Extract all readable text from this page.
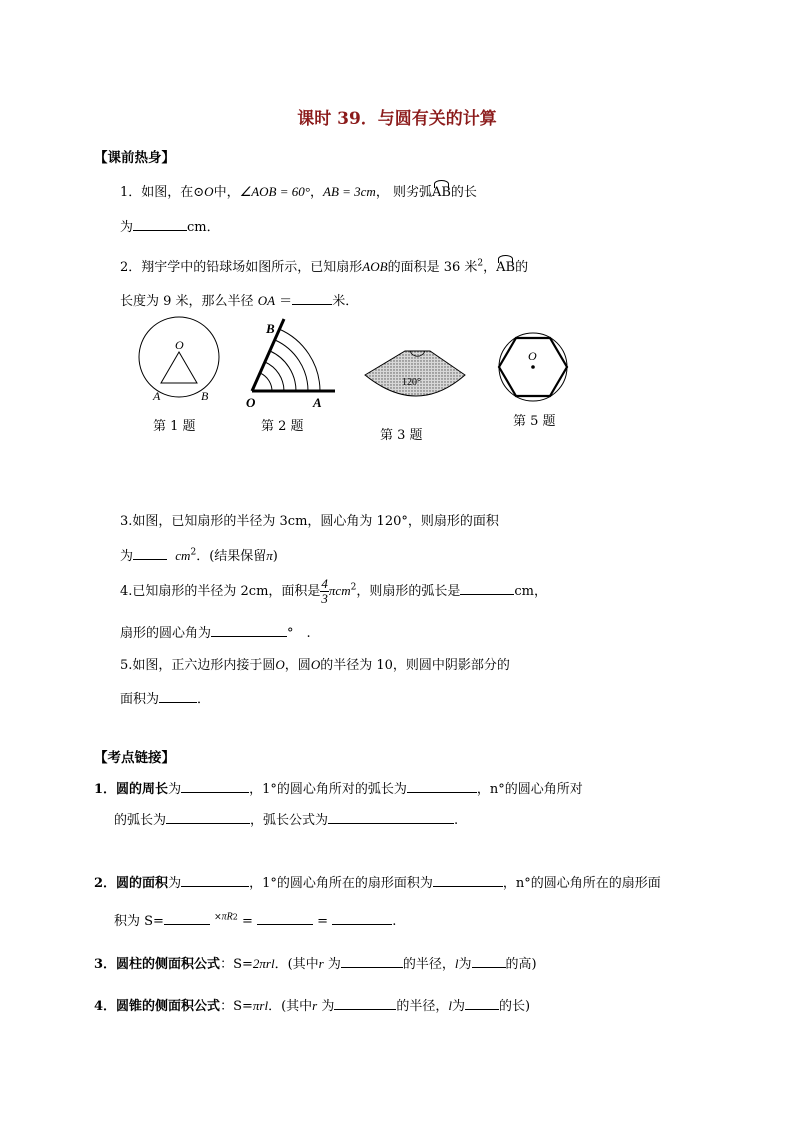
课时 39．与圆有关的计算
【课前热身】
1．如图，在⊙O中，∠AOB = 60°，AB = 3cm， 则劣弧AB的长
为	cm．
2．翔宇学中的铅球场如图所示，已知扇形AOB的面积是 36 米$^2$，AB的
长度为 9 米，那么半径 OA ＝	米．
O
A	B
第 1 题
B
O	A
第 2 题
120°
第 3 题
O
第 5 题
3.如图，已知扇形的半径为 3cm，圆心角为 120°，则扇形的面积
为	$cm^2$．(结果保留π)
4.已知扇形的半径为 2cm，面积是 $\frac{4}{3} \pi cm^2$，则扇形的弧长是	cm，
扇形的圆心角为	°　.
5.如图，正六边形内接于圆O，圆O的半径为 10，则圆中阴影部分的
面积为	．
【考点链接】
1．圆的周长为	，1°的圆心角所对的弧长为	，n°的圆心角所对
的弧长为	，弧长公式为	.
2．圆的面积为	，1°的圆心角所在的扇形面积为	，n°的圆心角所在的扇形面
积为 S=	$^{\times\pi R2}$ =	=	.
3．圆柱的侧面积公式：S=2πrl．(其中r 为	的半径，l为	的高)
4．圆锥的侧面积公式：S=πrl．(其中r 为	的半径，l为	的长)
